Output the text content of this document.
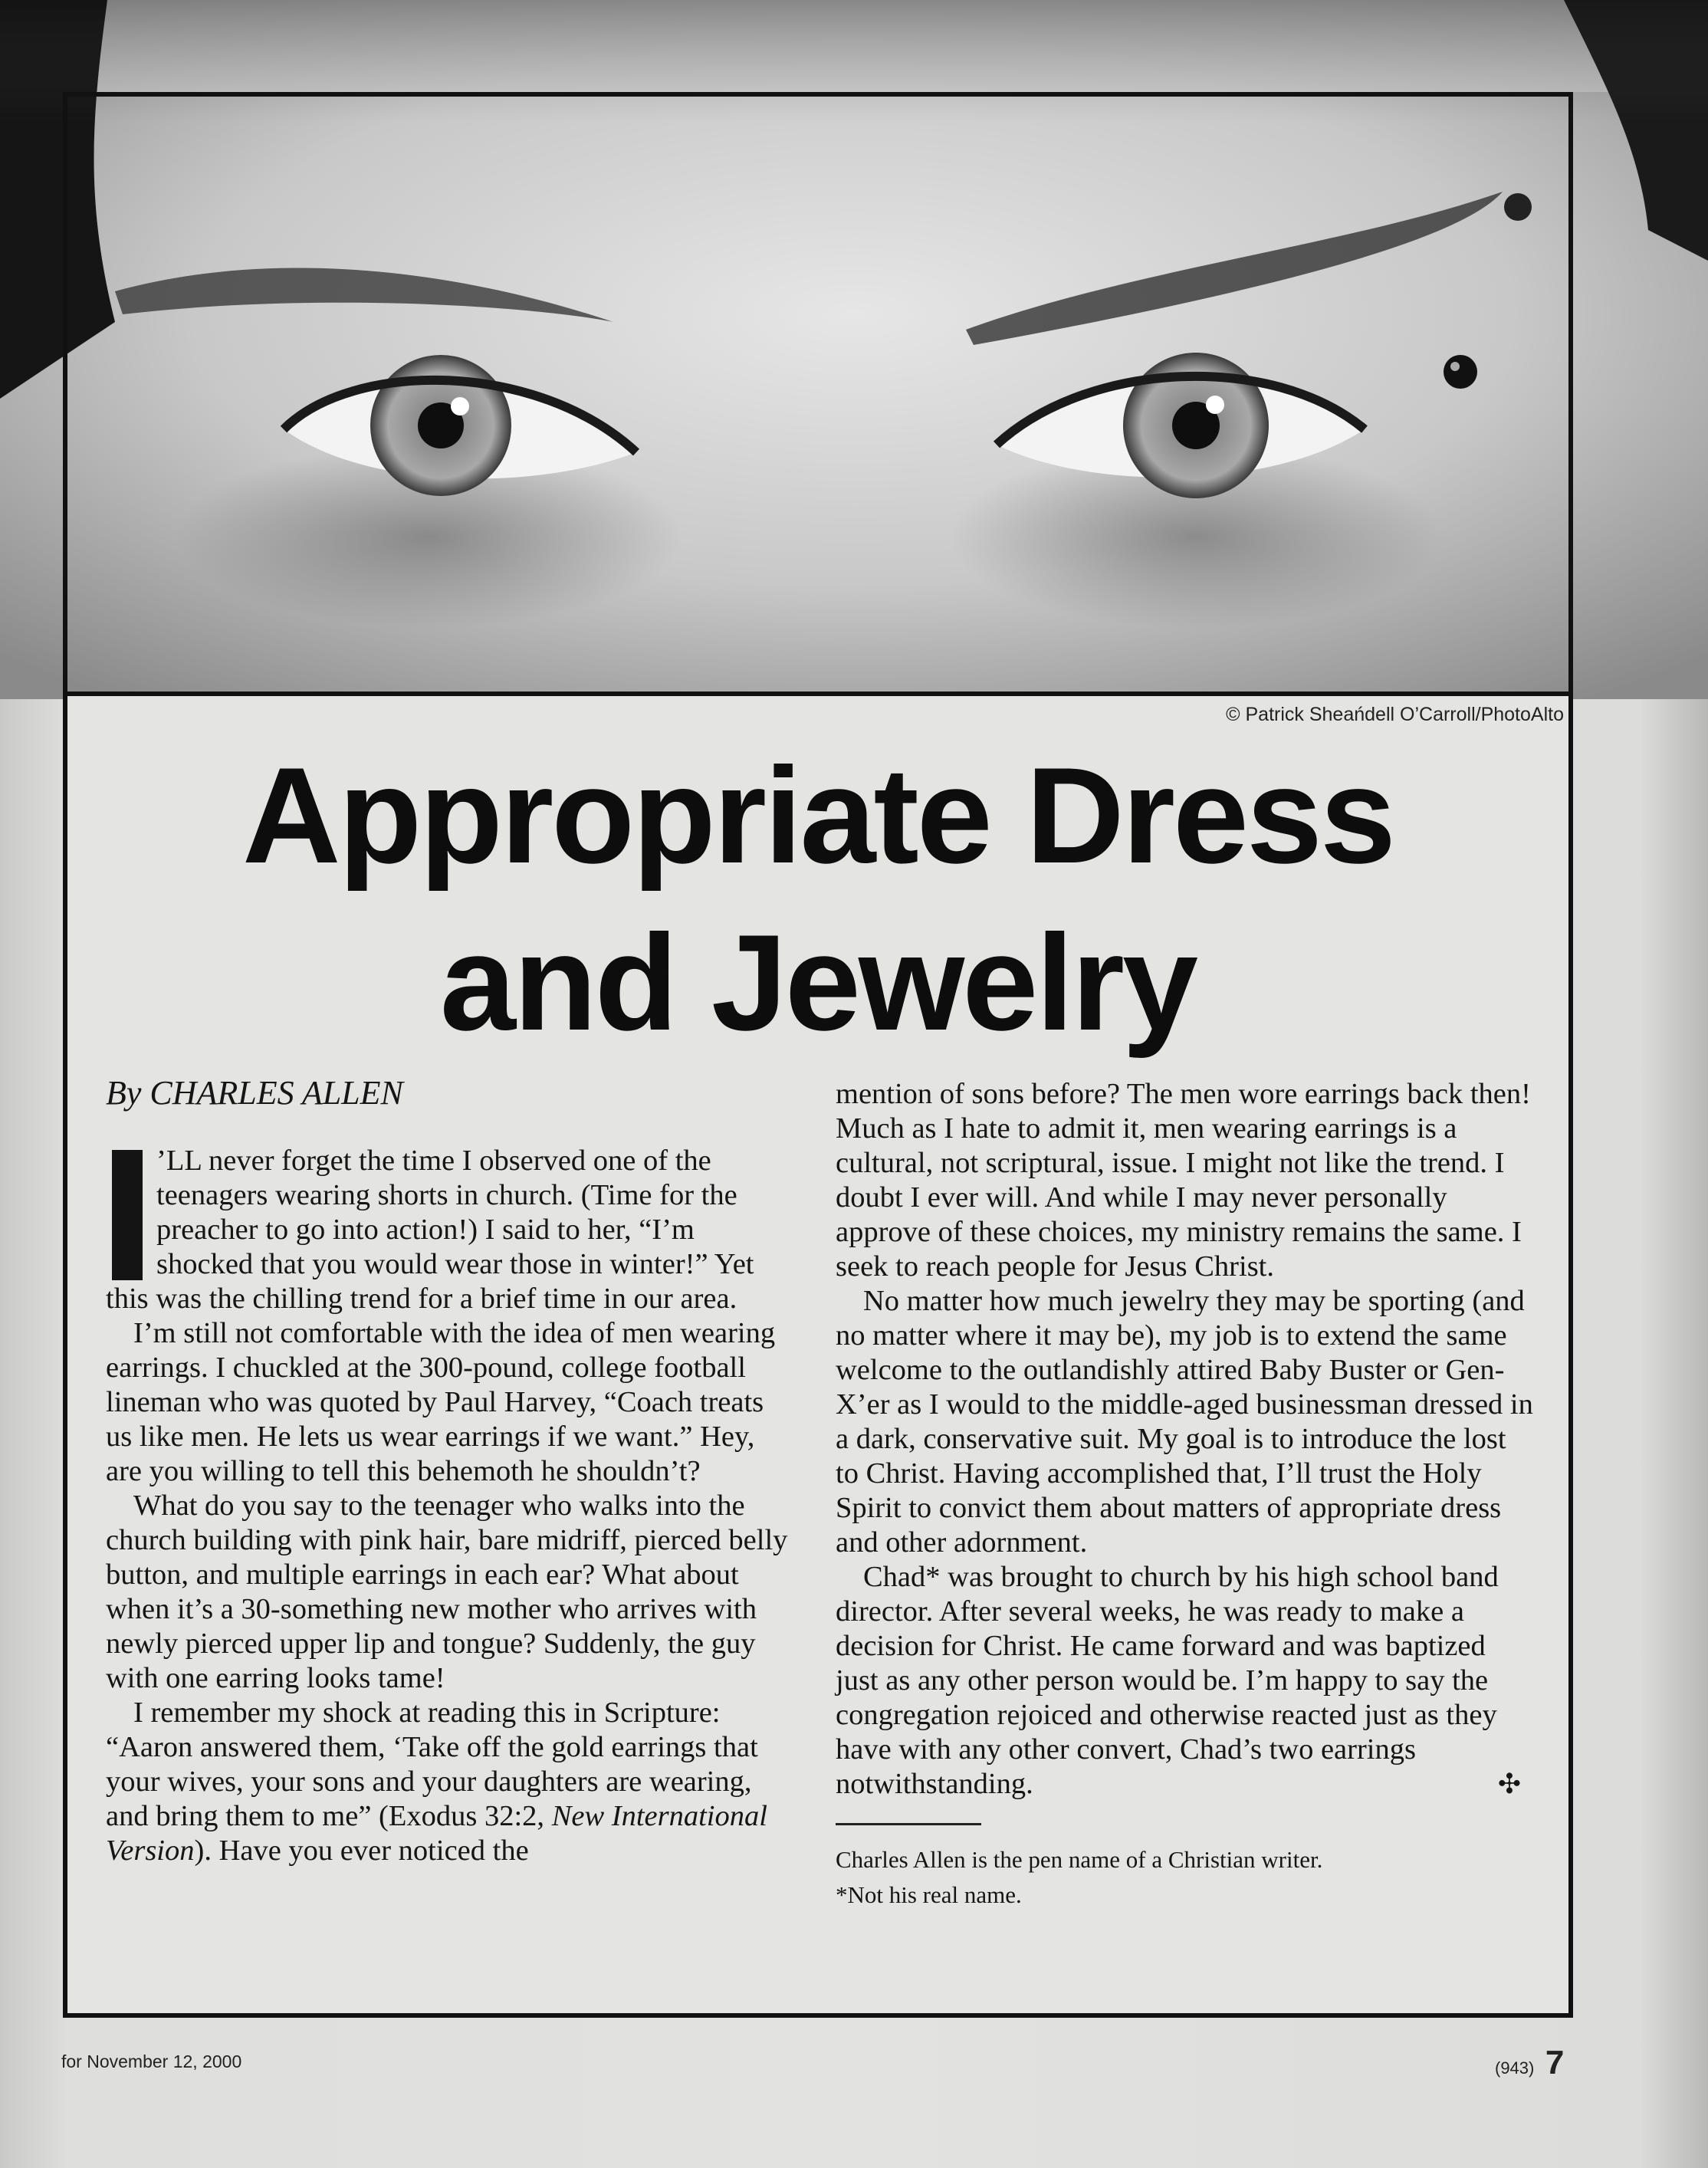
© Patrick Sheańdell O’Carroll/PhotoAlto
Appropriate Dress
and Jewelry
By CHARLES ALLEN

’LL never forget the time I observed one of the teenagers wearing shorts in church. (Time for the preacher to go into action!) I said to her, “I’m shocked that you would wear those in winter!” Yet this was the chilling trend for a brief time in our area.

I’m still not comfortable with the idea of men wearing earrings. I chuckled at the 300-pound, college football lineman who was quoted by Paul Harvey, “Coach treats us like men. He lets us wear earrings if we want.” Hey, are you willing to tell this behemoth he shouldn’t?

What do you say to the teenager who walks into the church building with pink hair, bare midriff, pierced belly button, and multiple earrings in each ear? What about when it’s a 30-something new mother who arrives with newly pierced upper lip and tongue? Suddenly, the guy with one earring looks tame!

I remember my shock at reading this in Scripture: “Aaron answered them, ‘Take off the gold earrings that your wives, your sons and your daughters are wearing, and bring them to me” (Exodus 32:2, New International Version). Have you ever noticed the

mention of sons before? The men wore earrings back then! Much as I hate to admit it, men wearing earrings is a cultural, not scriptural, issue. I might not like the trend. I doubt I ever will. And while I may never personally approve of these choices, my ministry remains the same. I seek to reach people for Jesus Christ.

No matter how much jewelry they may be sporting (and no matter where it may be), my job is to extend the same welcome to the outlandishly attired Baby Buster or Gen-X’er as I would to the middle-aged businessman dressed in a dark, conservative suit. My goal is to introduce the lost to Christ. Having accomplished that, I’ll trust the Holy Spirit to convict them about matters of appropriate dress and other adornment.

Chad* was brought to church by his high school band director. After several weeks, he was ready to make a decision for Christ. He came forward and was baptized just as any other person would be. I’m happy to say the congregation rejoiced and otherwise reacted just as they have with any other convert, Chad’s two earrings notwithstanding.	✣

Charles Allen is the pen name of a Christian writer.

*Not his real name.

for November 12, 2000	(943) 7
